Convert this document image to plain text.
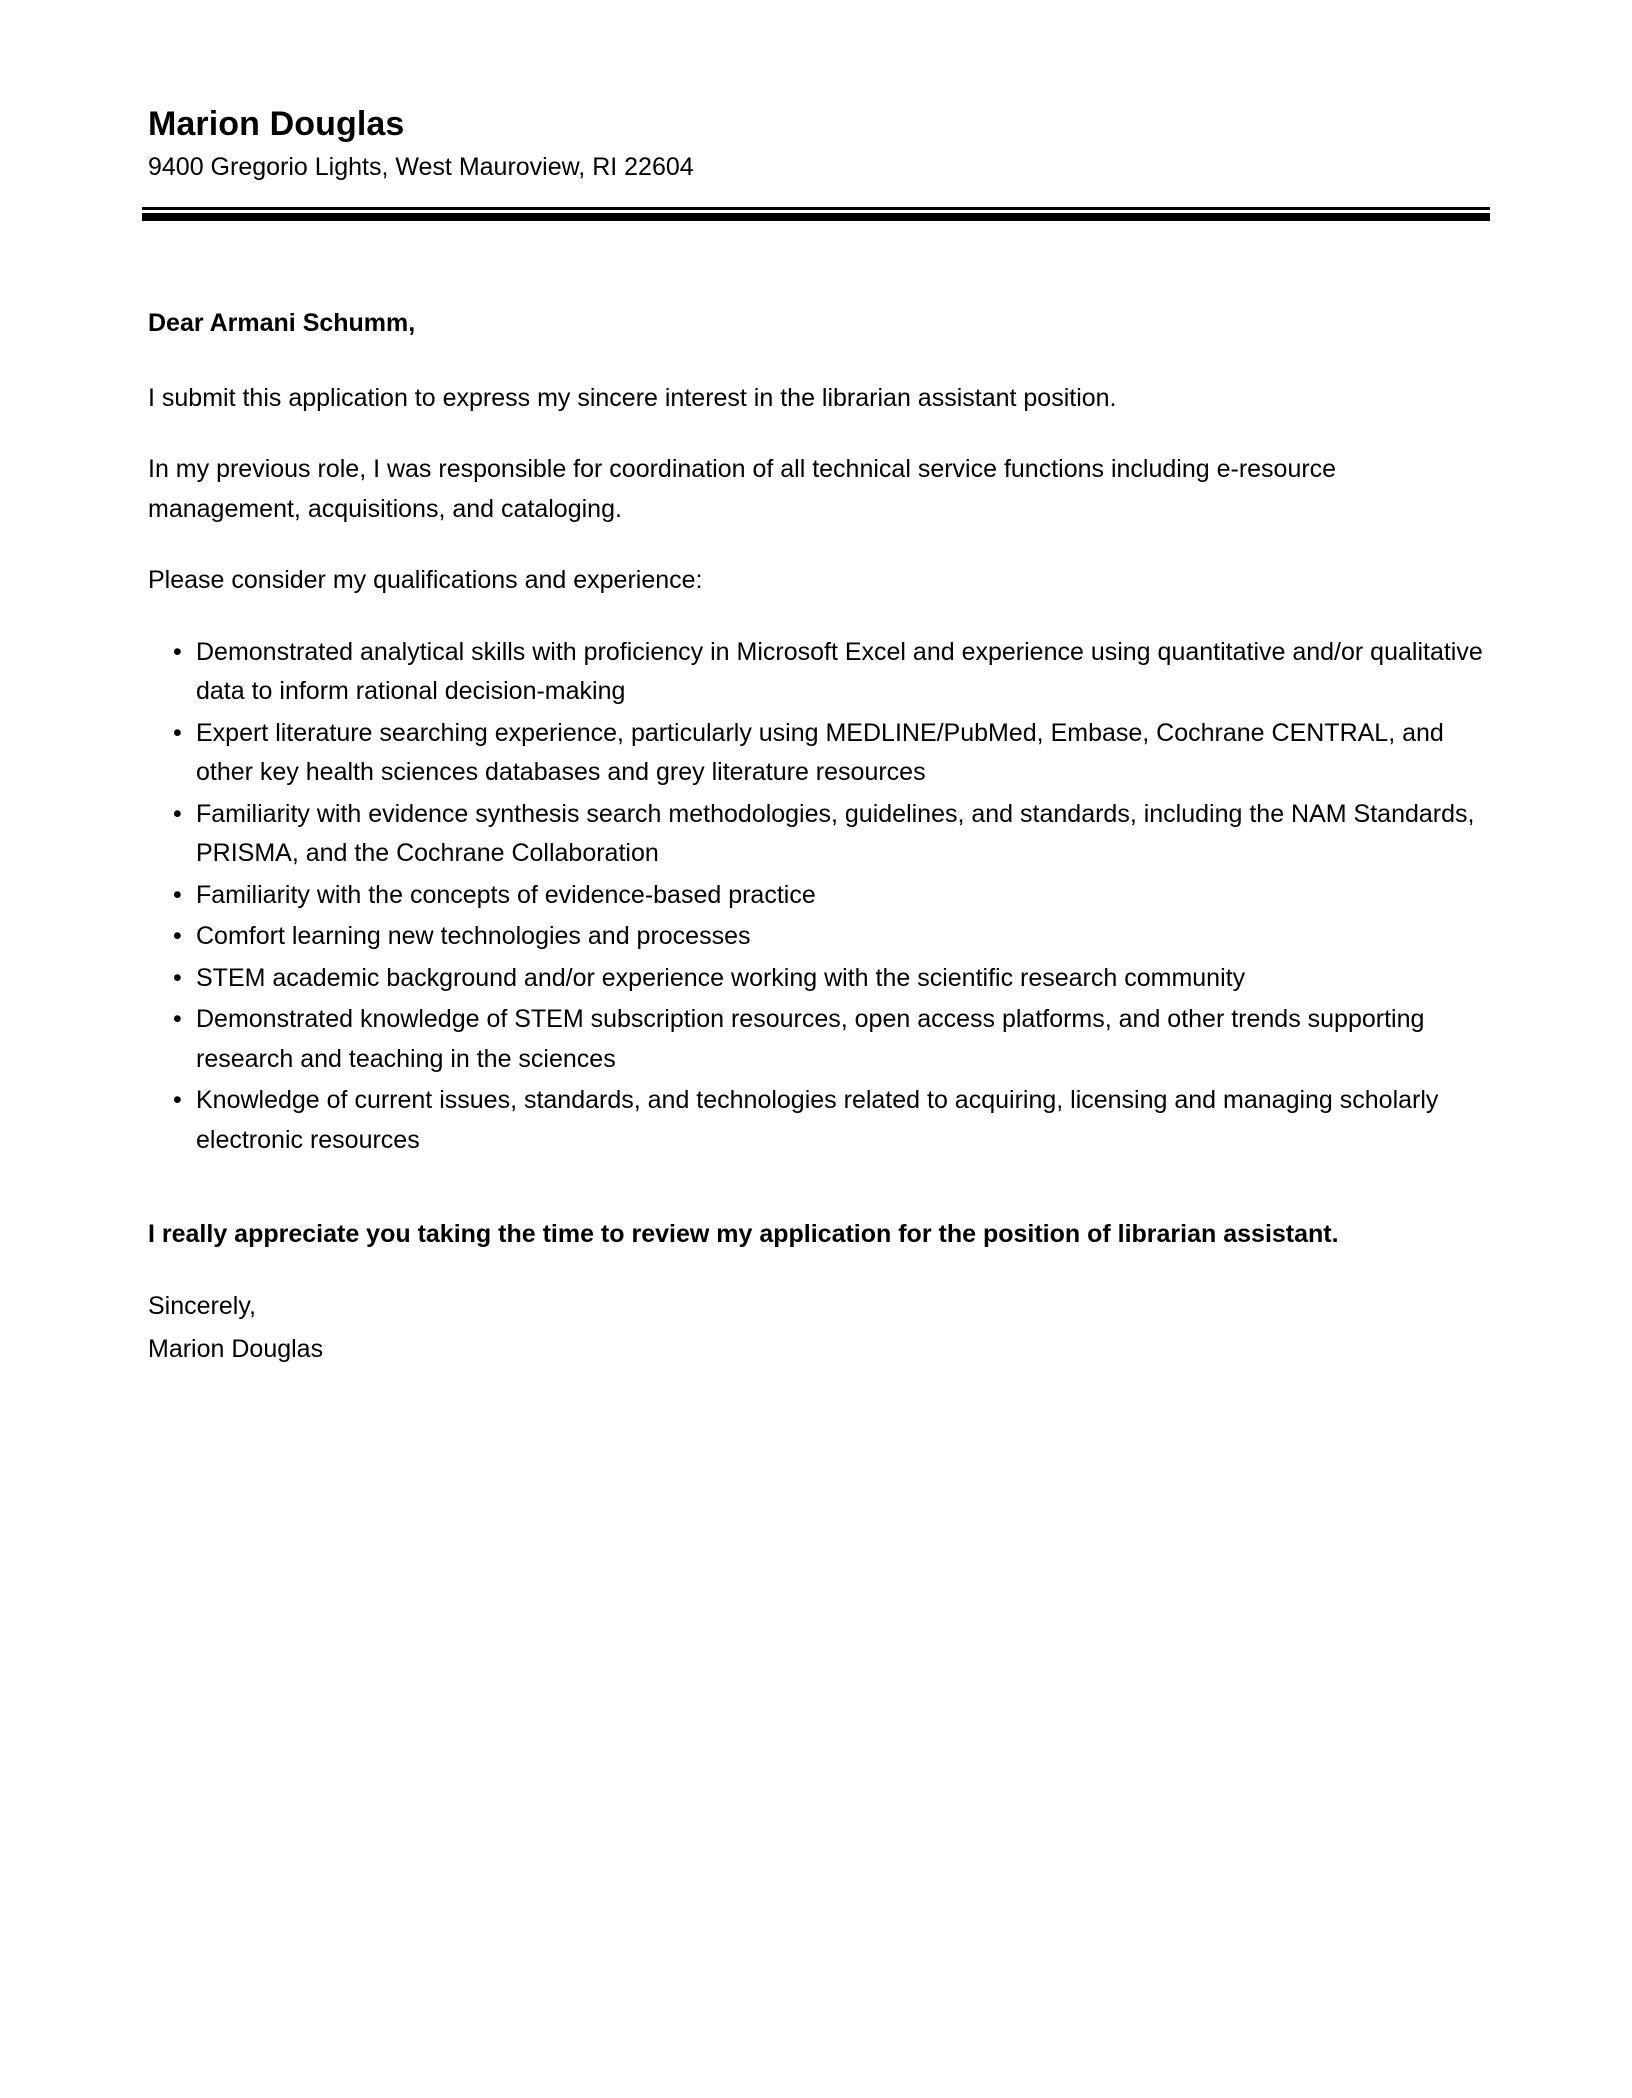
Marion Douglas
9400 Gregorio Lights, West Mauroview, RI 22604
Dear Armani Schumm,

I submit this application to express my sincere interest in the librarian assistant position.

In my previous role, I was responsible for coordination of all technical service functions including e-resource management, acquisitions, and cataloging.

Please consider my qualifications and experience:

• Demonstrated analytical skills with proficiency in Microsoft Excel and experience using quantitative and/or qualitative data to inform rational decision-making
• Expert literature searching experience, particularly using MEDLINE/PubMed, Embase, Cochrane CENTRAL, and other key health sciences databases and grey literature resources
• Familiarity with evidence synthesis search methodologies, guidelines, and standards, including the NAM Standards, PRISMA, and the Cochrane Collaboration
• Familiarity with the concepts of evidence-based practice
• Comfort learning new technologies and processes
• STEM academic background and/or experience working with the scientific research community
• Demonstrated knowledge of STEM subscription resources, open access platforms, and other trends supporting research and teaching in the sciences
• Knowledge of current issues, standards, and technologies related to acquiring, licensing and managing scholarly electronic resources
I really appreciate you taking the time to review my application for the position of librarian assistant.
Sincerely,
Marion Douglas
